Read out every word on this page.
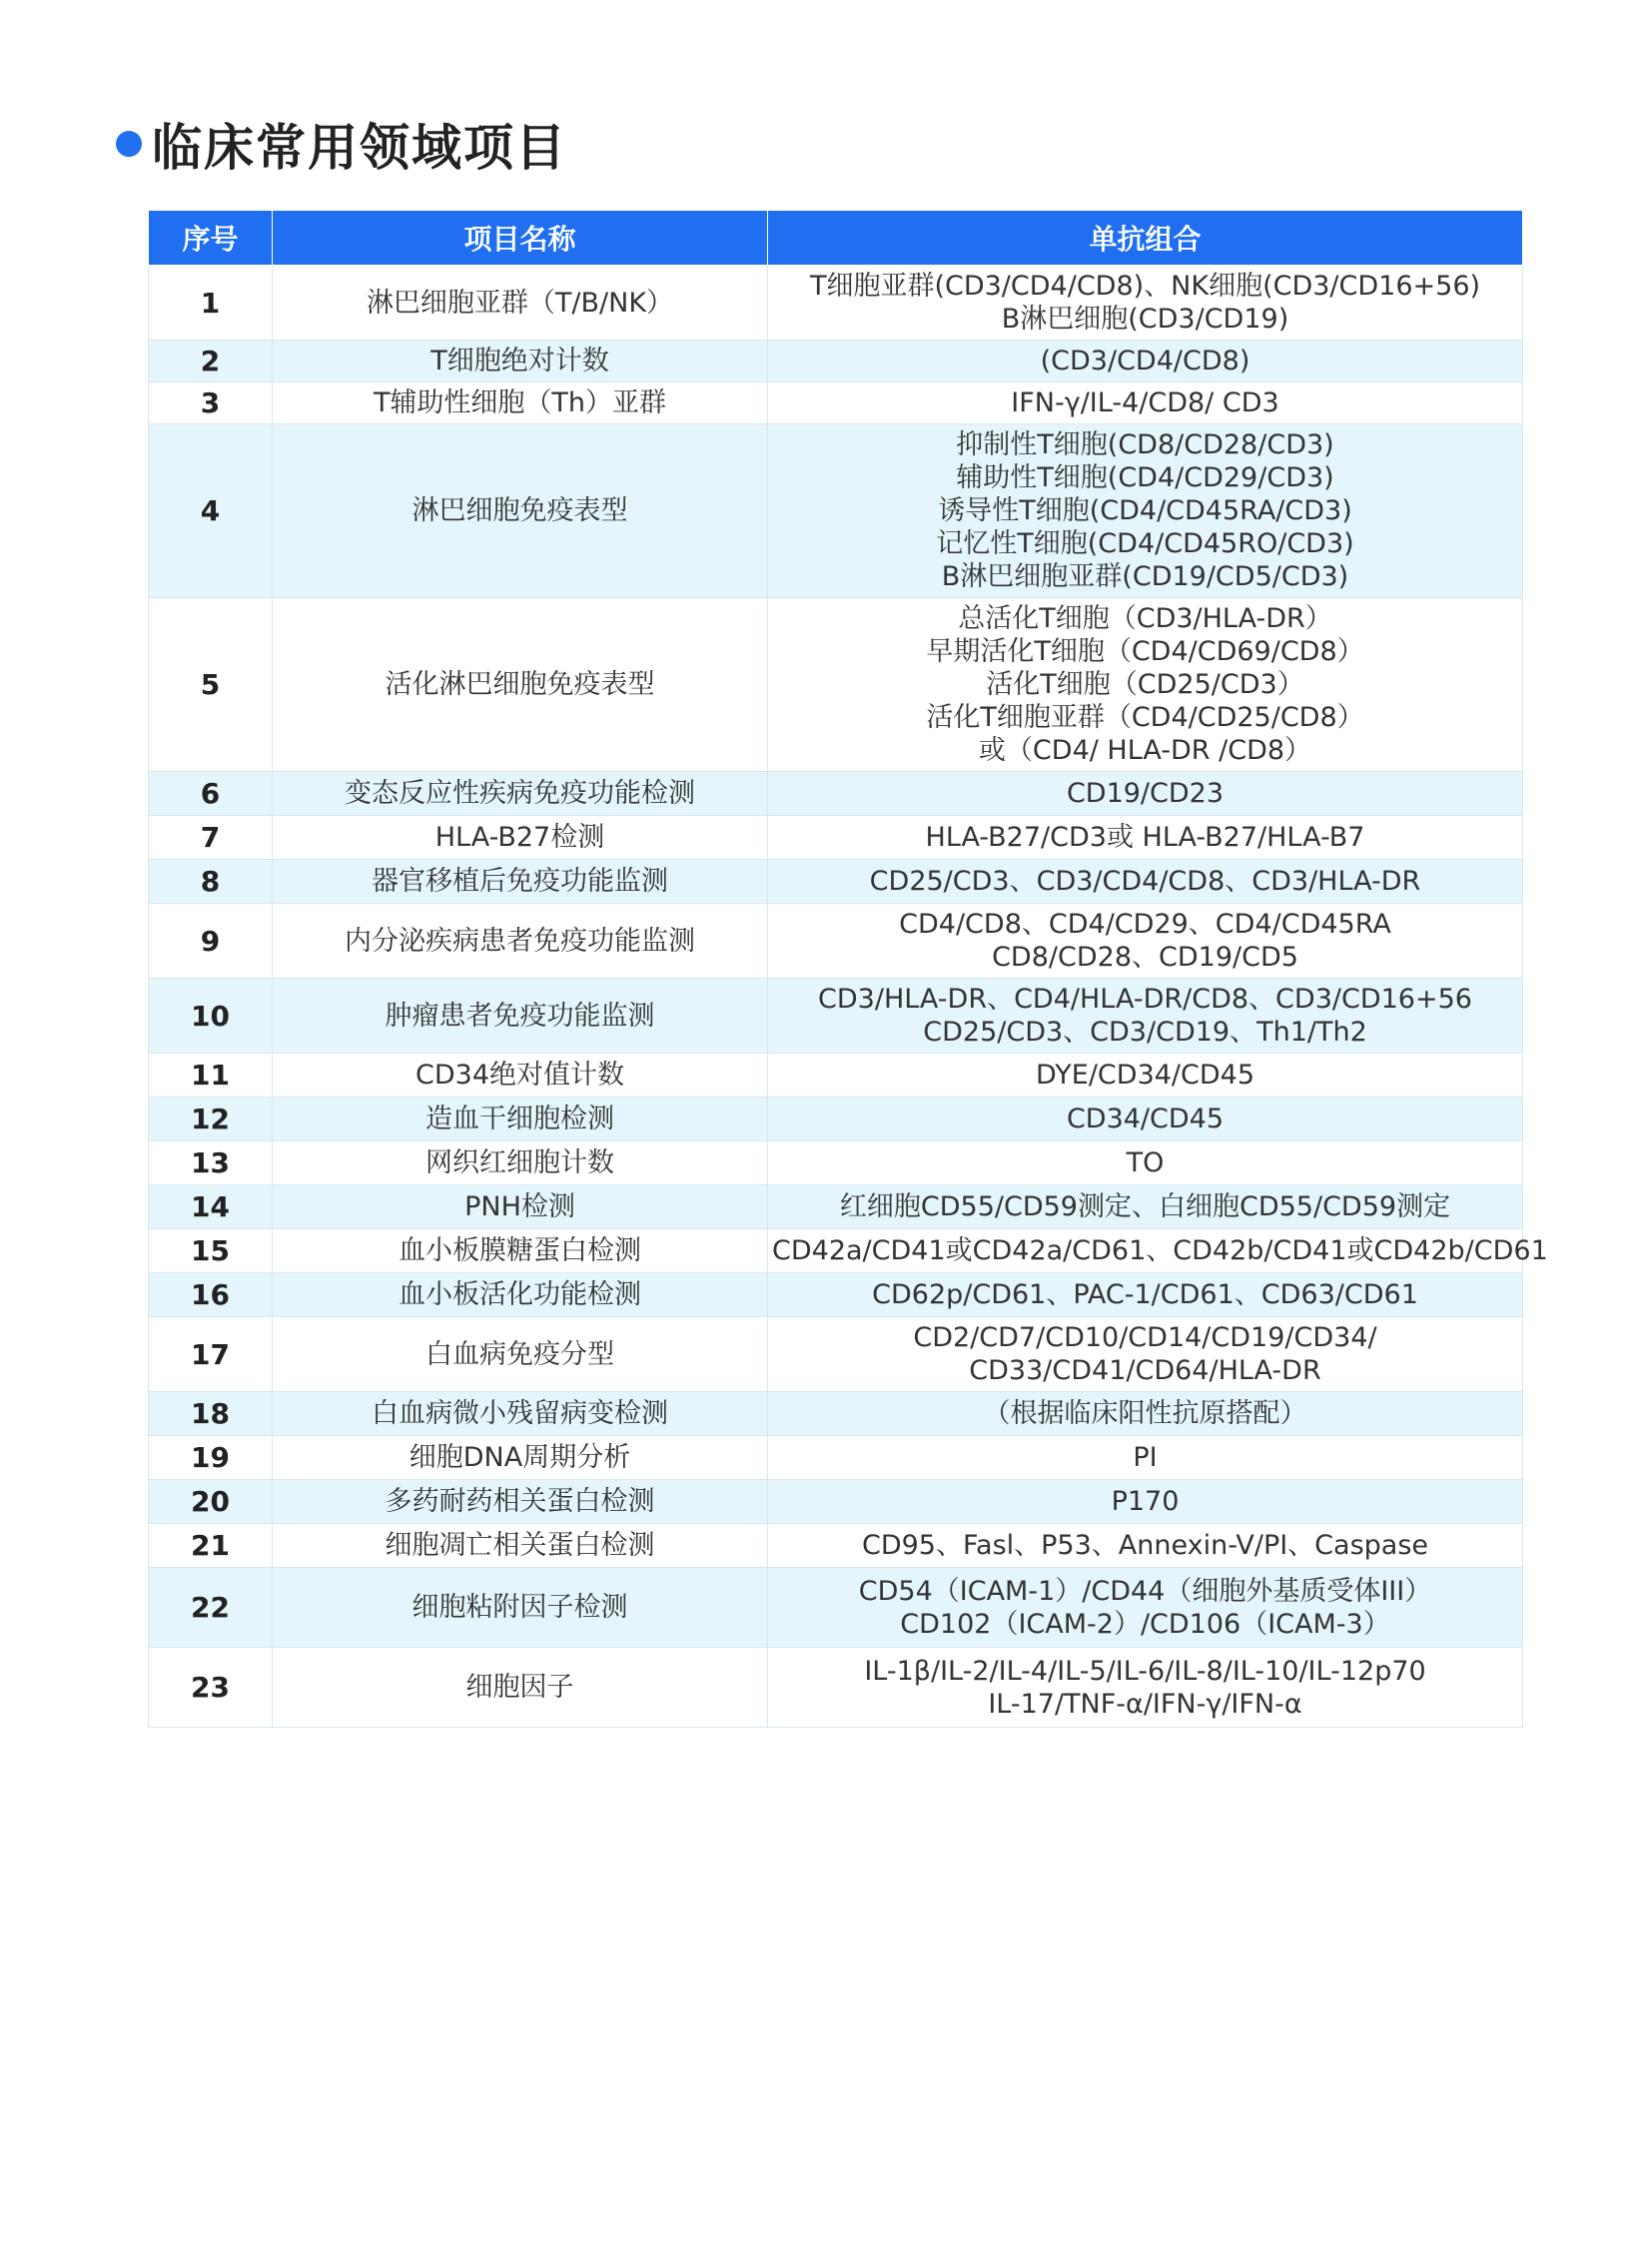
临床常用领域项目
序号	项目名称	单抗组合
1	淋巴细胞亚群（T/B/NK）	T细胞亚群(CD3/CD4/CD8)、NK细胞(CD3/CD16+56)
B淋巴细胞(CD3/CD19)

2	T细胞绝对计数	(CD3/CD4/CD8)

3	T辅助性细胞（Th）亚群	IFN-γ/IL-4/CD8/ CD3

4	淋巴细胞免疫表型	抑制性T细胞(CD8/CD28/CD3)
辅助性T细胞(CD4/CD29/CD3)
诱导性T细胞(CD4/CD45RA/CD3)
记忆性T细胞(CD4/CD45RO/CD3)
B淋巴细胞亚群(CD19/CD5/CD3)

5	活化淋巴细胞免疫表型	总活化T细胞（CD3/HLA-DR）
早期活化T细胞（CD4/CD69/CD8）
活化T细胞（CD25/CD3）
活化T细胞亚群（CD4/CD25/CD8）
或（CD4/ HLA-DR /CD8）

6	变态反应性疾病免疫功能检测	CD19/CD23

7	HLA-B27检测	HLA-B27/CD3或 HLA-B27/HLA-B7

8	器官移植后免疫功能监测	CD25/CD3、CD3/CD4/CD8、CD3/HLA-DR

9	内分泌疾病患者免疫功能监测	CD4/CD8、CD4/CD29、CD4/CD45RA
CD8/CD28、CD19/CD5

10	肿瘤患者免疫功能监测	CD3/HLA-DR、CD4/HLA-DR/CD8、CD3/CD16+56
CD25/CD3、CD3/CD19、Th1/Th2

11	CD34绝对值计数	DYE/CD34/CD45

12	造血干细胞检测	CD34/CD45

13	网织红细胞计数	TO

14	PNH检测	红细胞CD55/CD59测定、白细胞CD55/CD59测定

15	血小板膜糖蛋白检测	CD42a/CD41或CD42a/CD61、CD42b/CD41或CD42b/CD61

16	血小板活化功能检测	CD62p/CD61、PAC-1/CD61、CD63/CD61

17	白血病免疫分型	CD2/CD7/CD10/CD14/CD19/CD34/
CD33/CD41/CD64/HLA-DR

18	白血病微小残留病变检测	（根据临床阳性抗原搭配）

19	细胞DNA周期分析	PI

20	多药耐药相关蛋白检测	P170

21	细胞凋亡相关蛋白检测	CD95、Fasl、P53、Annexin-V/PI、Caspase

22	细胞粘附因子检测	CD54（ICAM-1）/CD44（细胞外基质受体III）
CD102（ICAM-2）/CD106（ICAM-3）

23	细胞因子	IL-1β/IL-2/IL-4/IL-5/IL-6/IL-8/IL-10/IL-12p70
IL-17/TNF-α/IFN-γ/IFN-α
